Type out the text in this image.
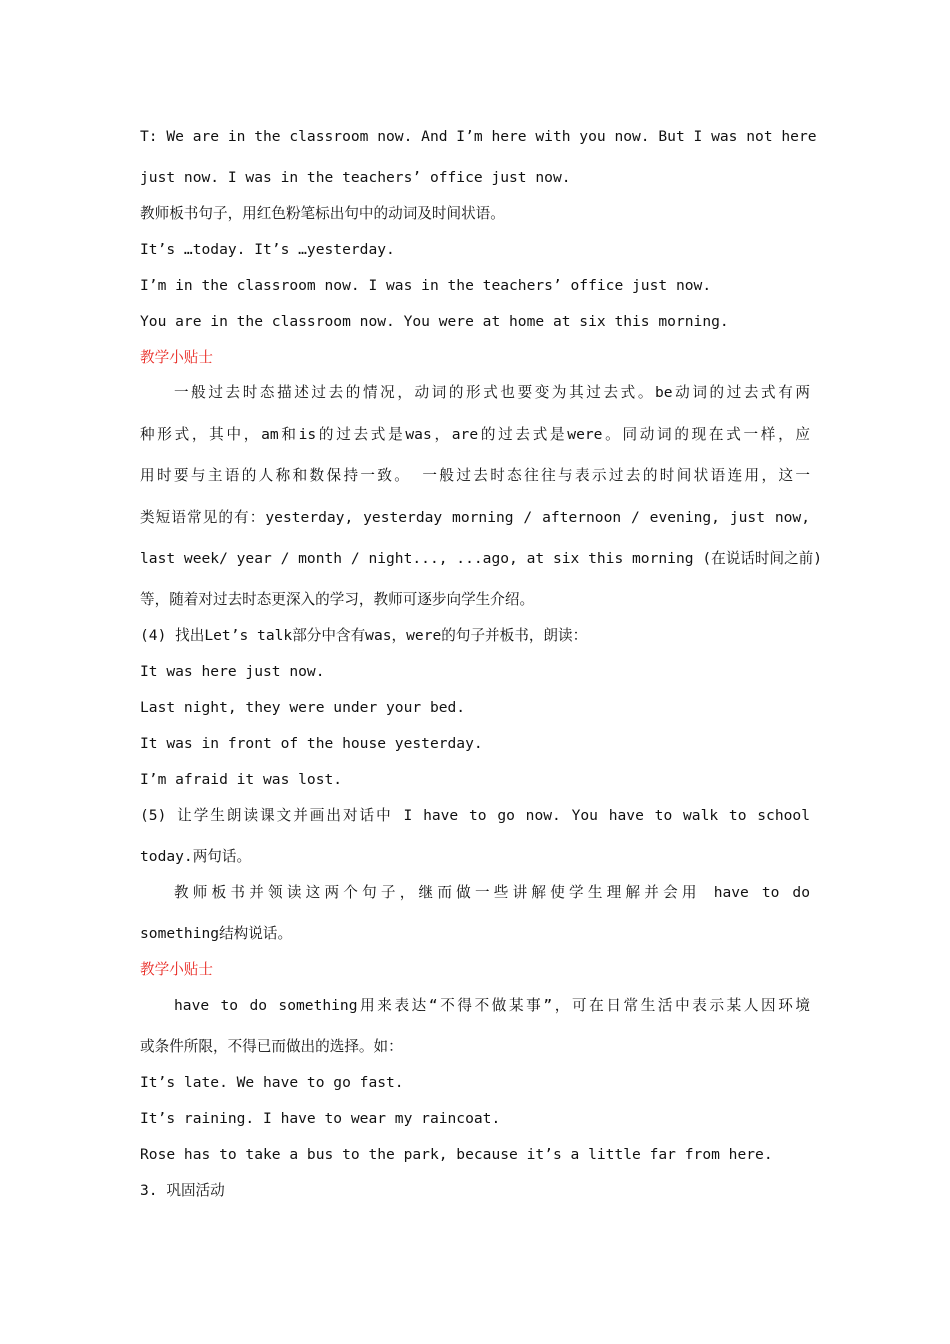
T: We are in the classroom now. And I’m here with you now. But I was not here
just now. I was in the teachers’ office just now.
教师板书句子，用红色粉笔标出句中的动词及时间状语。
It’s …today. It’s …yesterday.
I’m in the classroom now. I was in the teachers’ office just now.
You are in the classroom now. You were at home at six this morning.
教学小贴士
一般过去时态描述过去的情况，动词的形式也要变为其过去式。be动词的过去式有两
种形式，其中，am和is的过去式是was，are的过去式是were。同动词的现在式一样，应
用时要与主语的人称和数保持一致。 一般过去时态往往与表示过去的时间状语连用，这一
类短语常见的有：yesterday, yesterday morning / afternoon / evening, just now,
last week/ year / month / night..., ...ago, at six this morning (在说话时间之前)
等，随着对过去时态更深入的学习，教师可逐步向学生介绍。
(4) 找出Let’s talk部分中含有was，were的句子并板书，朗读：
It was here just now.
Last night, they were under your bed.
It was in front of the house yesterday.
I’m afraid it was lost.
(5) 让学生朗读课文并画出对话中 I have to go now. You have to walk to school
today.两句话。
教师板书并领读这两个句子，继而做一些讲解使学生理解并会用 have to do
something结构说话。
教学小贴士
have to do something用来表达“不得不做某事”，可在日常生活中表示某人因环境
或条件所限，不得已而做出的选择。如：
It’s late. We have to go fast.
It’s raining. I have to wear my raincoat.
Rose has to take a bus to the park, because it’s a little far from here.
3. 巩固活动
